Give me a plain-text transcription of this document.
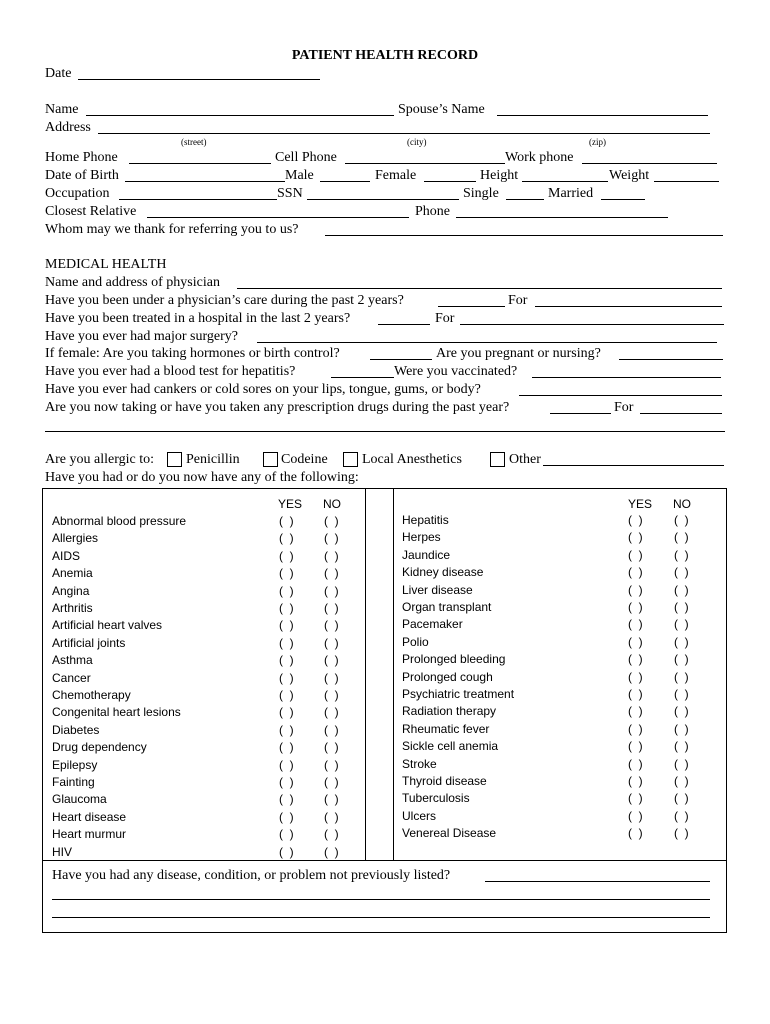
PATIENT HEALTH RECORD
Date
Name	Spouse’s Name
Address
(street)	(city)	(zip)
Home Phone	Cell Phone	Work phone
Date of Birth	Male	Female	Height	Weight
Occupation	SSN	Single	Married
Closest Relative	Phone
Whom may we thank for referring you to us?
MEDICAL HEALTH
Name and address of physician
Have you been under a physician’s care during the past 2 years?	For
Have you been treated in a hospital in the last 2 years?	For
Have you ever had major surgery?
If female: Are you taking hormones or birth control?	Are you pregnant or nursing?
Have you ever had a blood test for hepatitis?	Were you vaccinated?
Have you ever had cankers or cold sores on your lips, tongue, gums, or body?
Are you now taking or have you taken any prescription drugs during the past year?	For
Are you allergic to: Penicillin	Codeine Local Anesthetics	Other
Have you had or do you now have any of the following:
YES NO	YES NO
Abnormal blood pressure	(  )	(  )
Allergies	(  )	(  )
AIDS	(  )	(  )
Anemia	(  )	(  )
Angina	(  )	(  )
Arthritis	(  )	(  )
Artificial heart valves	(  )	(  )
Artificial joints	(  )	(  )
Asthma	(  )	(  )
Cancer	(  )	(  )
Chemotherapy	(  )	(  )
Congenital heart lesions	(  )	(  )
Diabetes	(  )	(  )
Drug dependency	(  )	(  )
Epilepsy	(  )	(  )
Fainting	(  )	(  )
Glaucoma	(  )	(  )
Heart disease	(  )	(  )
Heart murmur	(  )	(  )
HIV	(  )	(  )
Hepatitis	(  )	(  )
Herpes	(  )	(  )
Jaundice	(  )	(  )
Kidney disease	(  )	(  )
Liver disease	(  )	(  )
Organ transplant	(  )	(  )
Pacemaker	(  )	(  )
Polio	(  )	(  )
Prolonged bleeding	(  )	(  )
Prolonged cough	(  )	(  )
Psychiatric treatment	(  )	(  )
Radiation therapy	(  )	(  )
Rheumatic fever	(  )	(  )
Sickle cell anemia	(  )	(  )
Stroke	(  )	(  )
Thyroid disease	(  )	(  )
Tuberculosis	(  )	(  )
Ulcers	(  )	(  )
Venereal Disease	(  )	(  )
Have you had any disease, condition, or problem not previously listed?
